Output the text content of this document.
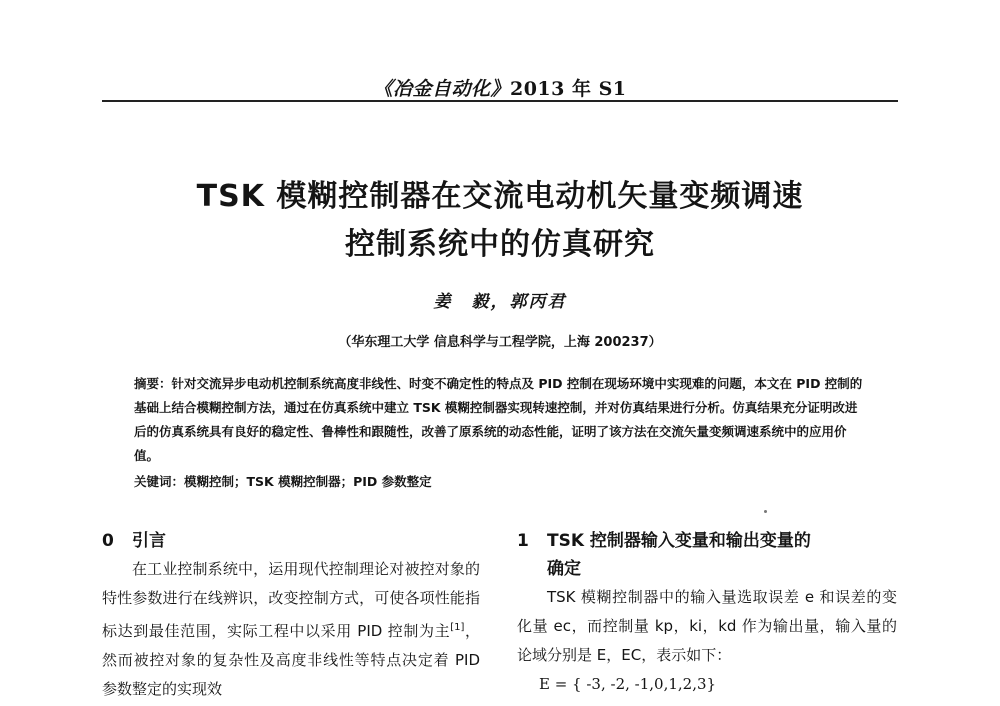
《冶金自动化》2013 年 S1
TSK 模糊控制器在交流电动机矢量变频调速
控制系统中的仿真研究
姜　毅，郭丙君
（华东理工大学 信息科学与工程学院，上海 200237）
摘要：针对交流异步电动机控制系统高度非线性、时变不确定性的特点及 PID 控制在现场环境中实现难的问题，本文在 PID 控制的基础上结合模糊控制方法，通过在仿真系统中建立 TSK 模糊控制器实现转速控制，并对仿真结果进行分析。仿真结果充分证明改进后的仿真系统具有良好的稳定性、鲁棒性和跟随性，改善了原系统的动态性能，证明了该方法在交流矢量变频调速系统中的应用价值。
关键词：模糊控制；TSK 模糊控制器；PID 参数整定
0 引言

在工业控制系统中，运用现代控制理论对被控对象的特性参数进行在线辨识，改变控制方式，可使各项性能指标达到最佳范围，实际工程中以采用 PID 控制为主[1]，然而被控对象的复杂性及高度非线性等特点决定着 PID 参数整定的实现效

1 TSK 控制器输入变量和输出变量的
确定

TSK 模糊控制器中的输入量选取误差 e 和误差的变化量 ec，而控制量 kp，ki，kd 作为输出量，输入量的论域分别是 E，EC，表示如下：

E = { -3, -2, -1,0,1,2,3}
